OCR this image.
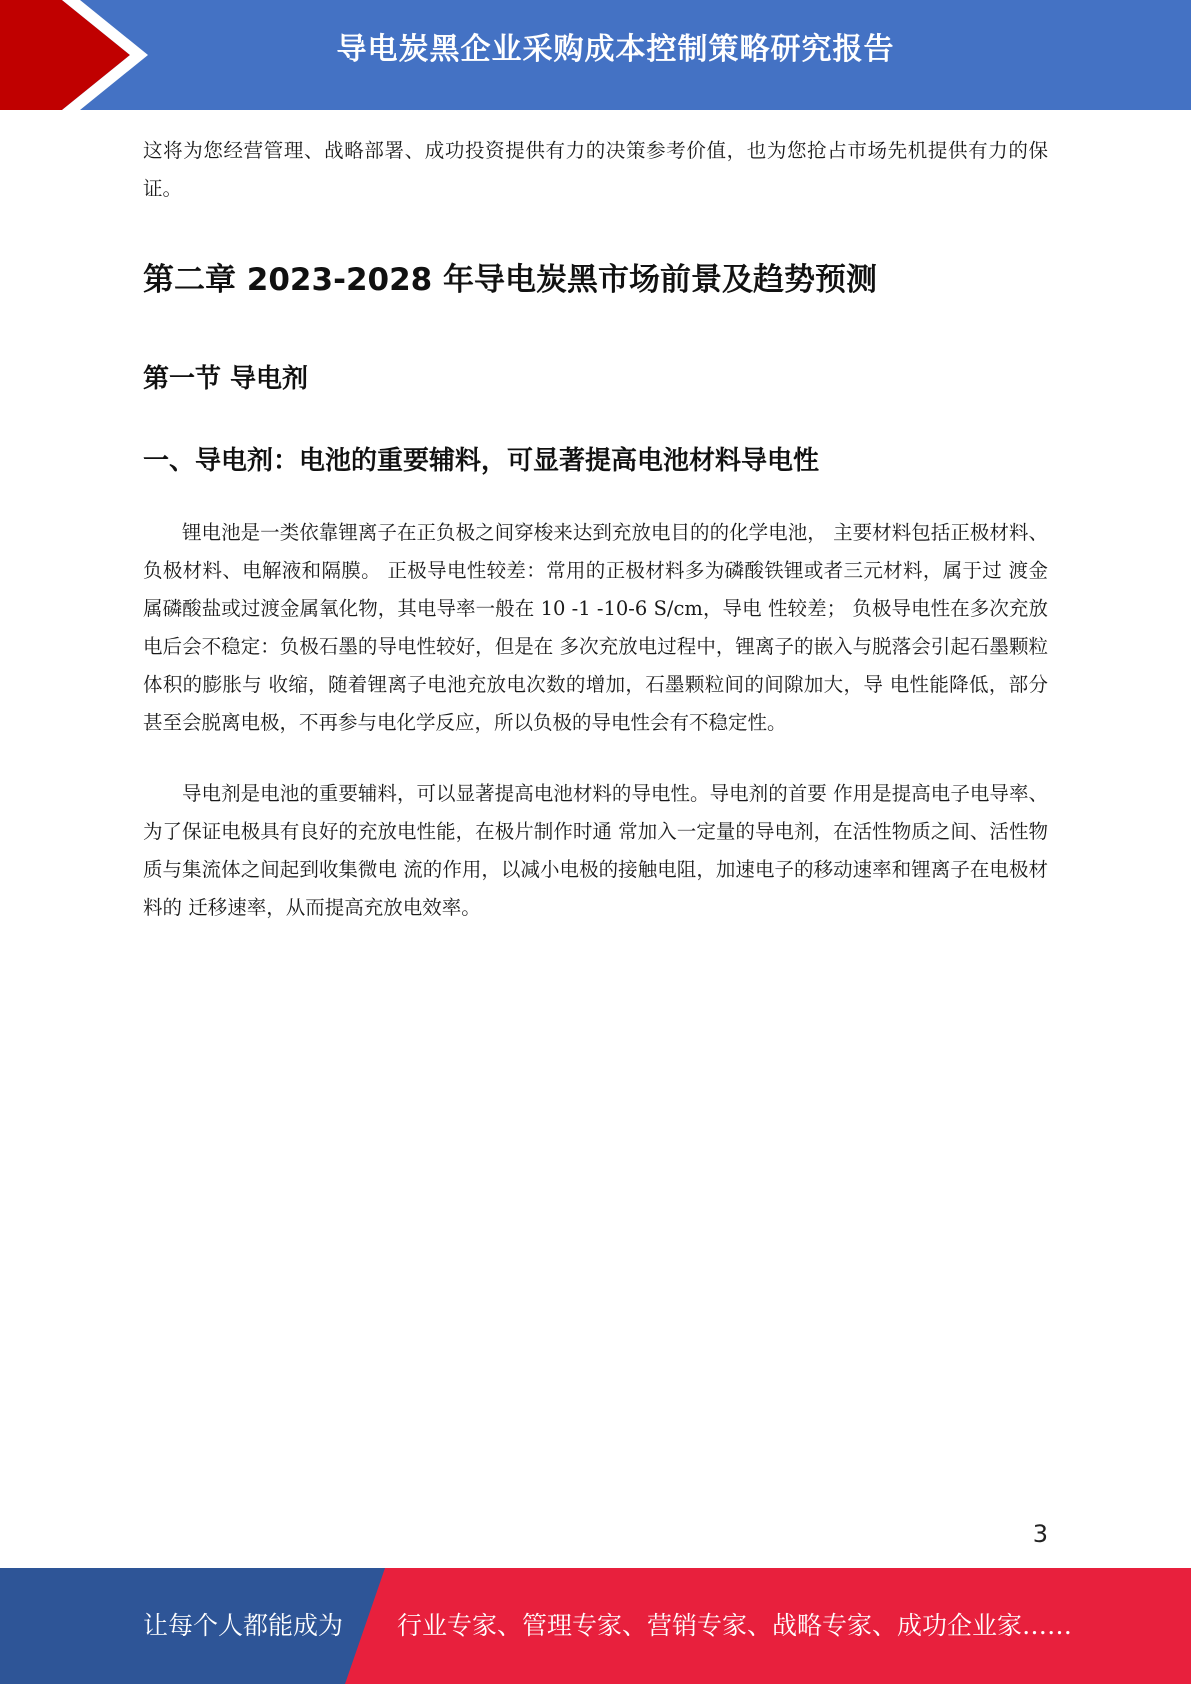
导电炭黑企业采购成本控制策略研究报告

这将为您经营管理、战略部署、成功投资提供有力的决策参考价值，也为您抢占市场先机提供有力的保证。

第二章 2023-2028 年导电炭黑市场前景及趋势预测
第一节 导电剂
一、导电剂：电池的重要辅料，可显著提高电池材料导电性

锂电池是一类依靠锂离子在正负极之间穿梭来达到充放电目的的化学电池， 主要材料包括正极材料、负极材料、电解液和隔膜。 正极导电性较差：常用的正极材料多为磷酸铁锂或者三元材料，属于过 渡金属磷酸盐或过渡金属氧化物，其电导率一般在 10 -1 -10-6 S/cm，导电 性较差； 负极导电性在多次充放电后会不稳定：负极石墨的导电性较好，但是在 多次充放电过程中，锂离子的嵌入与脱落会引起石墨颗粒体积的膨胀与 收缩，随着锂离子电池充放电次数的增加，石墨颗粒间的间隙加大，导 电性能降低，部分甚至会脱离电极，不再参与电化学反应，所以负极的导电性会有不稳定性。

导电剂是电池的重要辅料，可以显著提高电池材料的导电性。导电剂的首要 作用是提高电子电导率、为了保证电极具有良好的充放电性能，在极片制作时通 常加入一定量的导电剂，在活性物质之间、活性物质与集流体之间起到收集微电 流的作用，以减小电极的接触电阻，加速电子的移动速率和锂离子在电极材料的 迁移速率，从而提高充放电效率。

3
让每个人都能成为 行业专家、管理专家、营销专家、战略专家、成功企业家……
